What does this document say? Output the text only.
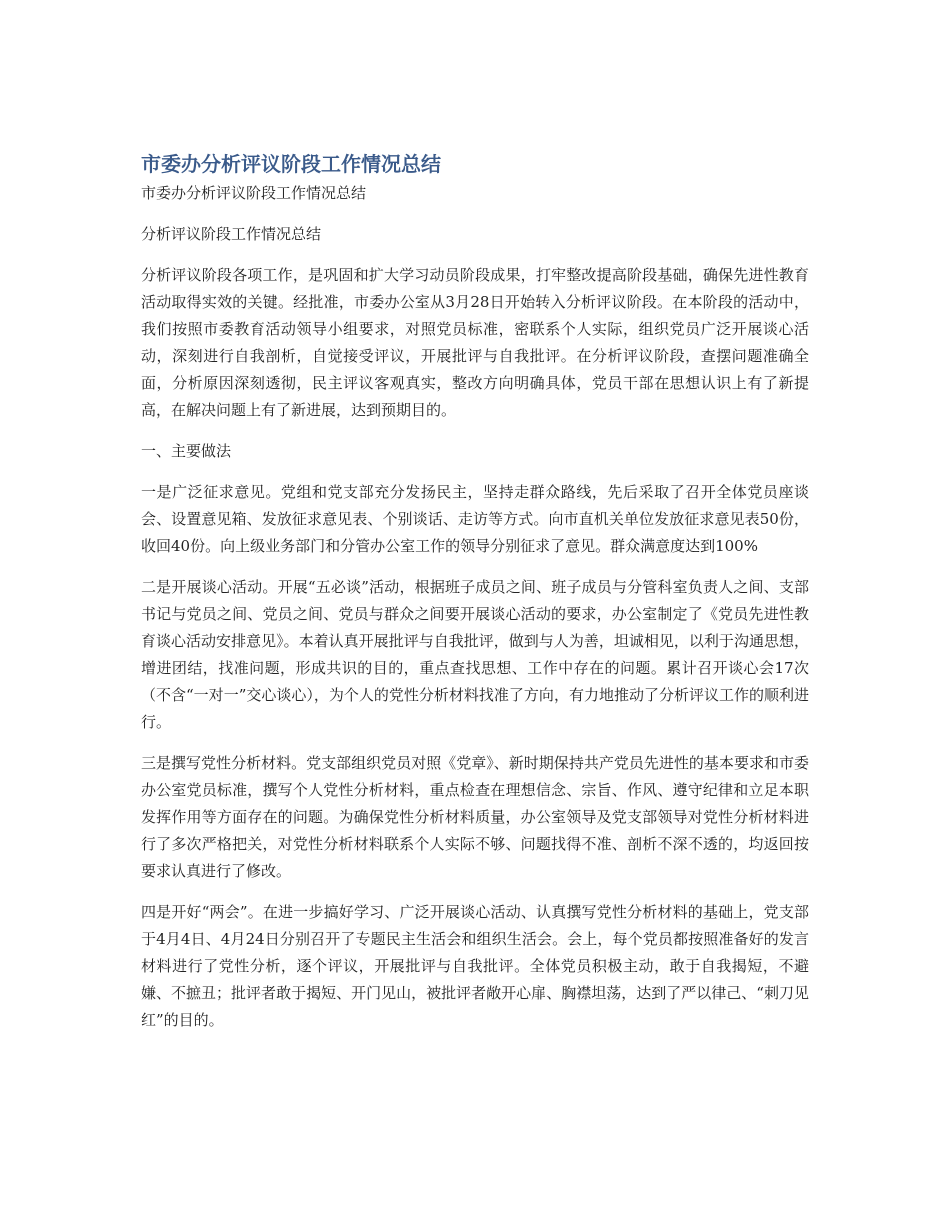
市委办分析评议阶段工作情况总结

市委办分析评议阶段工作情况总结

分析评议阶段工作情况总结

分析评议阶段各项工作，是巩固和扩大学习动员阶段成果，打牢整改提高阶段基础，确保先进性教育活动取得实效的关键。经批准，市委办公室从3月28日开始转入分析评议阶段。在本阶段的活动中，我们按照市委教育活动领导小组要求，对照党员标准，密联系个人实际，组织党员广泛开展谈心活动，深刻进行自我剖析，自觉接受评议，开展批评与自我批评。在分析评议阶段，查摆问题准确全面，分析原因深刻透彻，民主评议客观真实，整改方向明确具体，党员干部在思想认识上有了新提高，在解决问题上有了新进展，达到预期目的。

一、主要做法

一是广泛征求意见。党组和党支部充分发扬民主，坚持走群众路线，先后采取了召开全体党员座谈会、设置意见箱、发放征求意见表、个别谈话、走访等方式。向市直机关单位发放征求意见表50份，收回40份。向上级业务部门和分管办公室工作的领导分别征求了意见。群众满意度达到100%

二是开展谈心活动。开展“五必谈”活动，根据班子成员之间、班子成员与分管科室负责人之间、支部书记与党员之间、党员之间、党员与群众之间要开展谈心活动的要求，办公室制定了《党员先进性教育谈心活动安排意见》。本着认真开展批评与自我批评，做到与人为善，坦诚相见，以利于沟通思想，增进团结，找准问题，形成共识的目的，重点查找思想、工作中存在的问题。累计召开谈心会17次（不含“一对一”交心谈心），为个人的党性分析材料找准了方向，有力地推动了分析评议工作的顺利进行。

三是撰写党性分析材料。党支部组织党员对照《党章》、新时期保持共产党员先进性的基本要求和市委办公室党员标准，撰写个人党性分析材料，重点检查在理想信念、宗旨、作风、遵守纪律和立足本职发挥作用等方面存在的问题。为确保党性分析材料质量，办公室领导及党支部领导对党性分析材料进行了多次严格把关，对党性分析材料联系个人实际不够、问题找得不准、剖析不深不透的，均返回按要求认真进行了修改。

四是开好“两会”。在进一步搞好学习、广泛开展谈心活动、认真撰写党性分析材料的基础上，党支部于4月4日、4月24日分别召开了专题民主生活会和组织生活会。会上，每个党员都按照准备好的发言材料进行了党性分析，逐个评议，开展批评与自我批评。全体党员积极主动，敢于自我揭短，不避嫌、不摭丑；批评者敢于揭短、开门见山，被批评者敞开心扉、胸襟坦荡，达到了严以律己、“刺刀见红”的目的。
